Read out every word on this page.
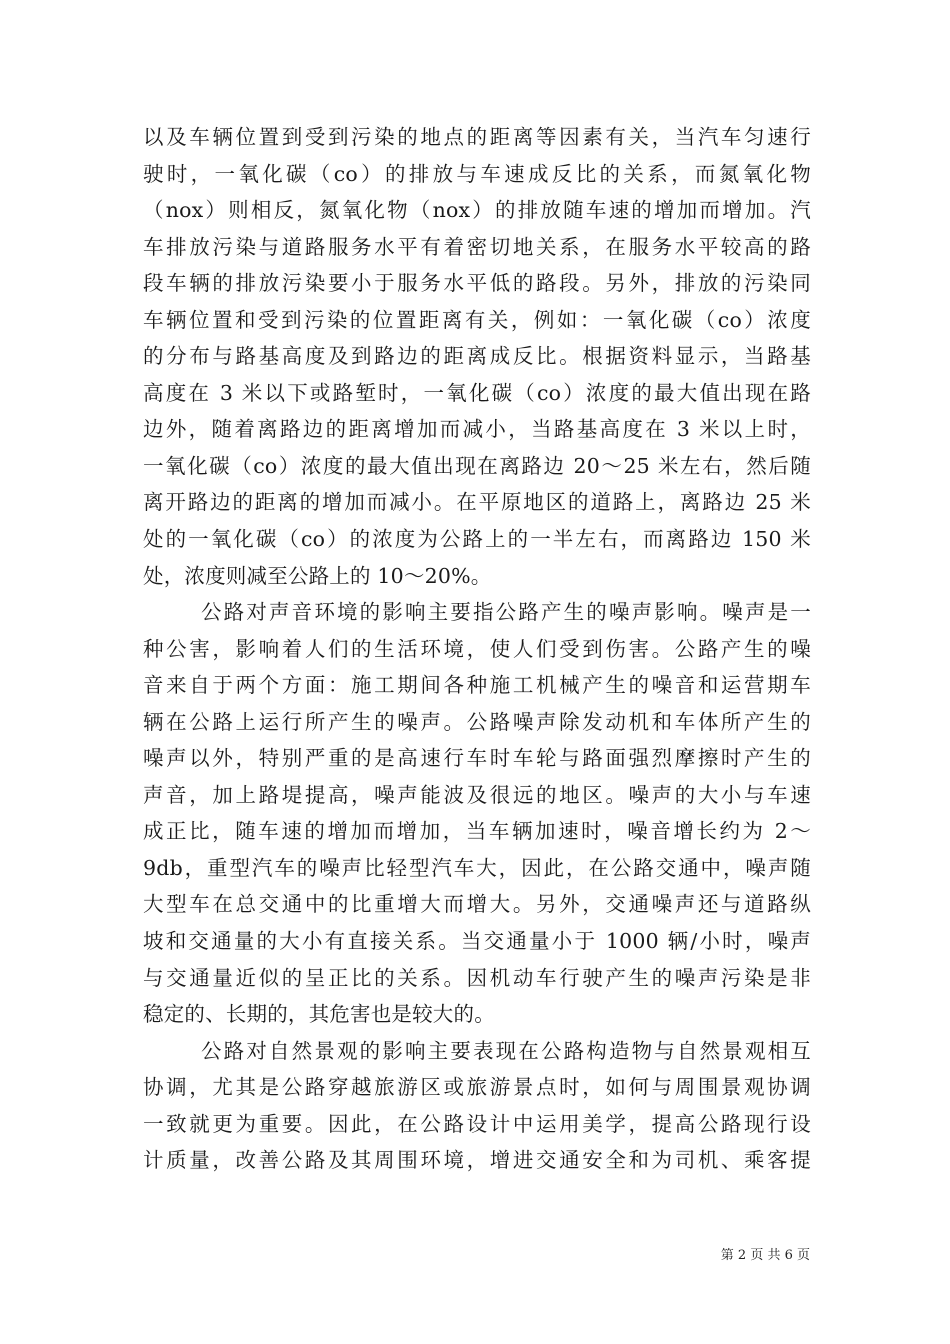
以及车辆位置到受到污染的地点的距离等因素有关，当汽车匀速行
驶时，一氧化碳（co）的排放与车速成反比的关系，而氮氧化物
（nox）则相反，氮氧化物（nox）的排放随车速的增加而增加。汽
车排放污染与道路服务水平有着密切地关系，在服务水平较高的路
段车辆的排放污染要小于服务水平低的路段。另外，排放的污染同
车辆位置和受到污染的位置距离有关，例如：一氧化碳（co）浓度
的分布与路基高度及到路边的距离成反比。根据资料显示，当路基
高度在 3 米以下或路堑时，一氧化碳（co）浓度的最大值出现在路
边外，随着离路边的距离增加而减小，当路基高度在 3 米以上时，
一氧化碳（co）浓度的最大值出现在离路边 20～25 米左右，然后随
离开路边的距离的增加而减小。在平原地区的道路上，离路边 25 米
处的一氧化碳（co）的浓度为公路上的一半左右，而离路边 150 米
处，浓度则减至公路上的 10～20%。
公路对声音环境的影响主要指公路产生的噪声影响。噪声是一
种公害，影响着人们的生活环境，使人们受到伤害。公路产生的噪
音来自于两个方面：施工期间各种施工机械产生的噪音和运营期车
辆在公路上运行所产生的噪声。公路噪声除发动机和车体所产生的
噪声以外，特别严重的是高速行车时车轮与路面强烈摩擦时产生的
声音，加上路堤提高，噪声能波及很远的地区。噪声的大小与车速
成正比，随车速的增加而增加，当车辆加速时，噪音增长约为 2～
9db，重型汽车的噪声比轻型汽车大，因此，在公路交通中，噪声随
大型车在总交通中的比重增大而增大。另外，交通噪声还与道路纵
坡和交通量的大小有直接关系。当交通量小于 1000 辆/小时，噪声
与交通量近似的呈正比的关系。因机动车行驶产生的噪声污染是非
稳定的、长期的，其危害也是较大的。
公路对自然景观的影响主要表现在公路构造物与自然景观相互
协调，尤其是公路穿越旅游区或旅游景点时，如何与周围景观协调
一致就更为重要。因此，在公路设计中运用美学，提高公路现行设
计质量，改善公路及其周围环境，增进交通安全和为司机、乘客提
第 2 页 共 6 页
